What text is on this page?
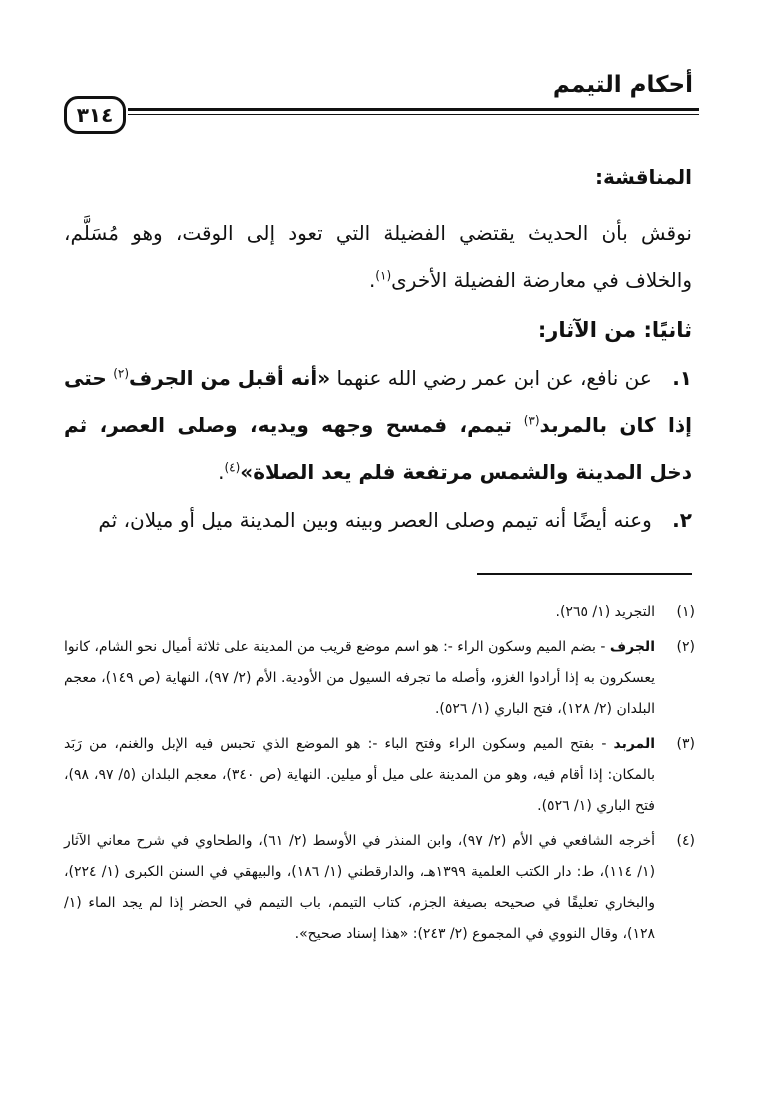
أحكام التيمم
٣١٤
المناقشة:
نوقش بأن الحديث يقتضي الفضيلة التي تعود إلى الوقت، وهو مُسَلَّم، والخلاف في معارضة الفضيلة الأخرى$^{(١)}$.
ثانيًا: من الآثار:
١. عن نافع، عن ابن عمر رضي الله عنهما «أنه أقبل من الجرف$^{(٢)}$ حتى إذا كان بالمربد$^{(٣)}$ تيمم، فمسح وجهه ويديه، وصلى العصر، ثم دخل المدينة والشمس مرتفعة فلم يعد الصلاة»$^{(٤)}$.
٢. وعنه أيضًا أنه تيمم وصلى العصر وبينه وبين المدينة ميل أو ميلان، ثم
(١)
التجريد (١/ ٢٦٥).
(٢)
الجرف - بضم الميم وسكون الراء -: هو اسم موضع قريب من المدينة على ثلاثة أميال نحو الشام، كانوا يعسكرون به إذا أرادوا الغزو، وأصله ما تجرفه السيول من الأودية. الأم (٢/ ٩٧)، النهاية (ص ١٤٩)، معجم البلدان (٢/ ١٢٨)، فتح الباري (١/ ٥٢٦).
(٣)
المربد - بفتح الميم وسكون الراء وفتح الباء -: هو الموضع الذي تحبس فيه الإبل والغنم، من رَبَد بالمكان: إذا أقام فيه، وهو من المدينة على ميل أو ميلين. النهاية (ص ٣٤٠)، معجم البلدان (٥/ ٩٧، ٩٨)، فتح الباري (١/ ٥٢٦).
(٤)
أخرجه الشافعي في الأم (٢/ ٩٧)، وابن المنذر في الأوسط (٢/ ٦١)، والطحاوي في شرح معاني الآثار (١/ ١١٤)، ط: دار الكتب العلمية ١٣٩٩هـ، والدارقطني (١/ ١٨٦)، والبيهقي في السنن الكبرى (١/ ٢٢٤)، والبخاري تعليقًا في صحيحه بصيغة الجزم، كتاب التيمم، باب التيمم في الحضر إذا لم يجد الماء (١/ ١٢٨)، وقال النووي في المجموع (٢/ ٢٤٣): «هذا إسناد صحيح».
